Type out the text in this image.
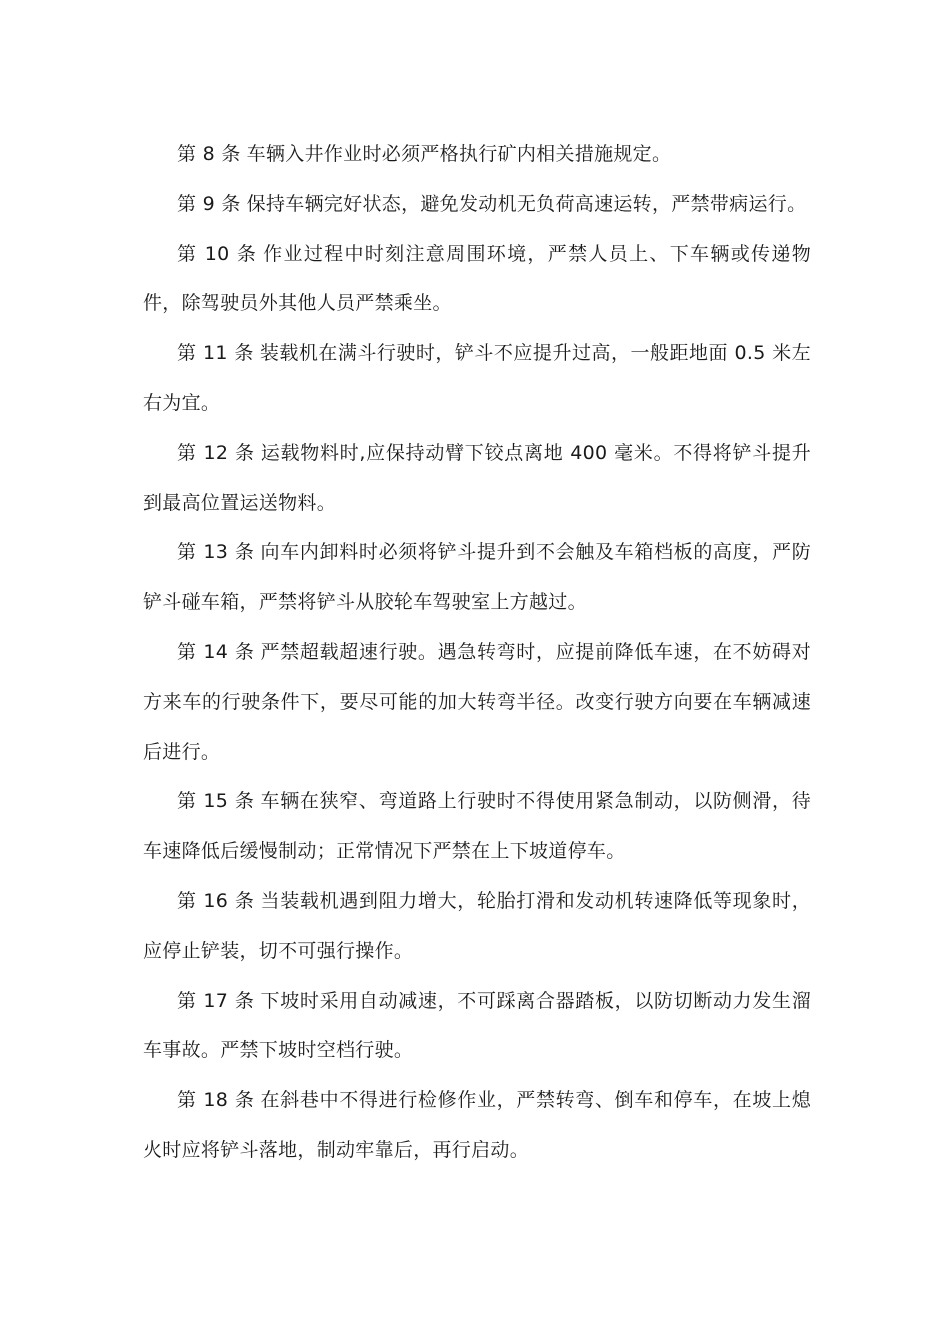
第 8 条 车辆入井作业时必须严格执行矿内相关措施规定。

第 9 条 保持车辆完好状态，避免发动机无负荷高速运转，严禁带病运行。

第 10 条 作业过程中时刻注意周围环境，严禁人员上、下车辆或传递物件，除驾驶员外其他人员严禁乘坐。

第 11 条 装载机在满斗行驶时，铲斗不应提升过高，一般距地面 0.5 米左右为宜。

第 12 条 运载物料时,应保持动臂下铰点离地 400 毫米。不得将铲斗提升到最高位置运送物料。

第 13 条 向车内卸料时必须将铲斗提升到不会触及车箱档板的高度，严防铲斗碰车箱，严禁将铲斗从胶轮车驾驶室上方越过。

第 14 条 严禁超载超速行驶。遇急转弯时，应提前降低车速，在不妨碍对方来车的行驶条件下，要尽可能的加大转弯半径。改变行驶方向要在车辆减速后进行。

第 15 条 车辆在狭窄、弯道路上行驶时不得使用紧急制动，以防侧滑，待车速降低后缓慢制动；正常情况下严禁在上下坡道停车。

第 16 条 当装载机遇到阻力增大，轮胎打滑和发动机转速降低等现象时，应停止铲装，切不可强行操作。

第 17 条 下坡时采用自动减速，不可踩离合器踏板，以防切断动力发生溜车事故。严禁下坡时空档行驶。

第 18 条 在斜巷中不得进行检修作业，严禁转弯、倒车和停车，在坡上熄火时应将铲斗落地，制动牢靠后，再行启动。
